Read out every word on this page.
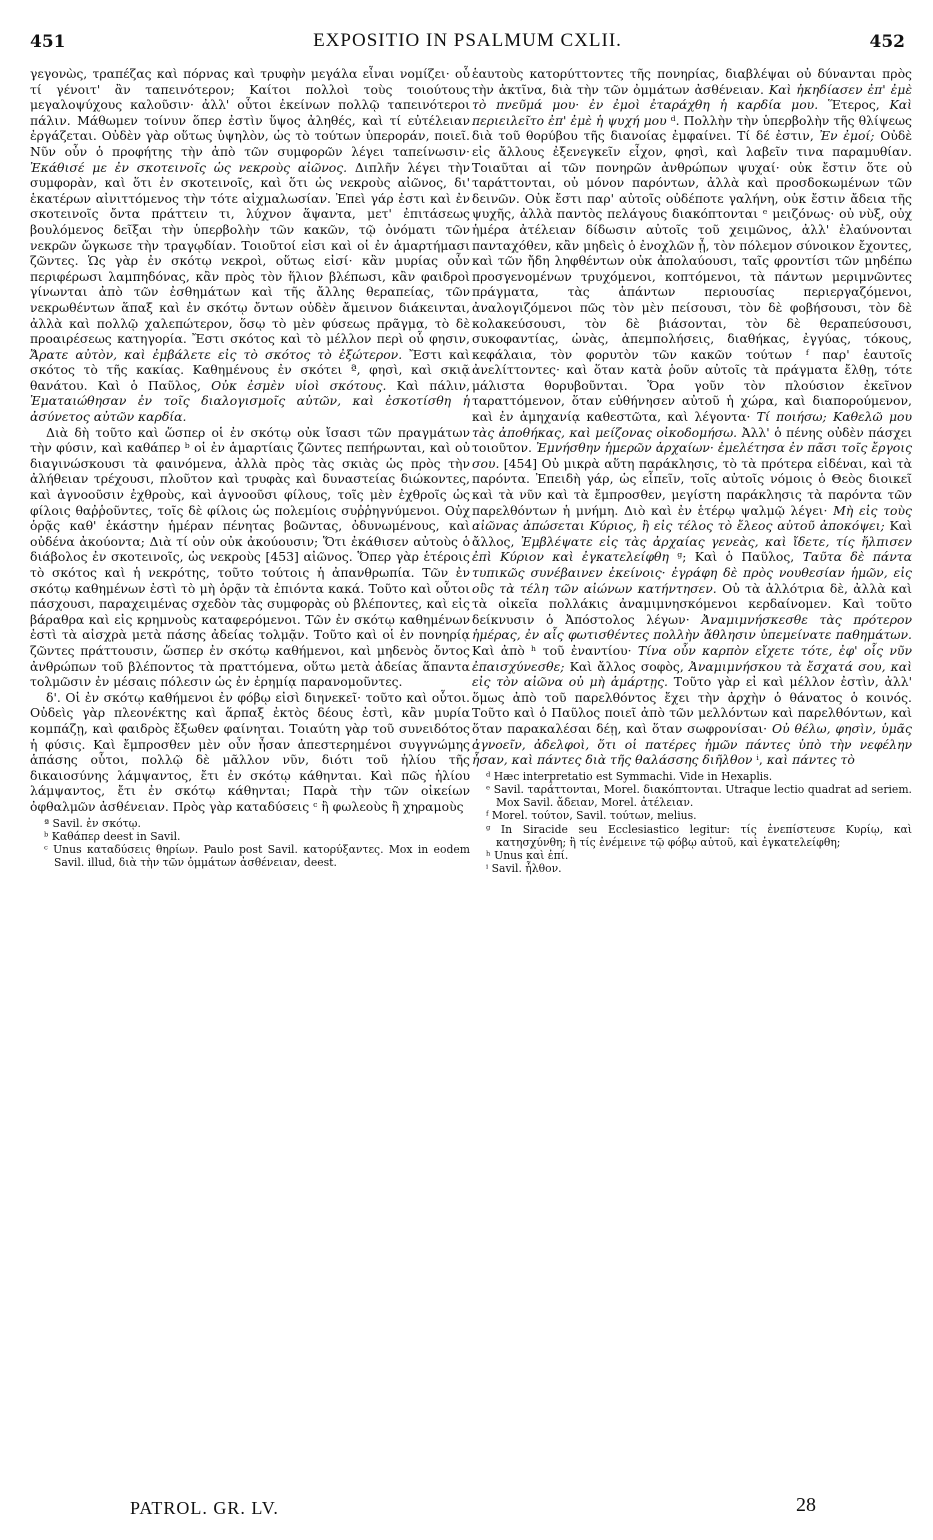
451	EXPOSITIO IN PSALMUM CXLII.	452

γεγονὼς, τραπέζας καὶ πόρνας καὶ τρυφὴν μεγάλα εἶναι νομίζει· οὗ τί γένοιτ' ἂν ταπεινότερον; Καίτοι πολλοὶ τοὺς τοιούτους μεγαλοψύχους καλοῦσιν· ἀλλ' οὗτοι ἐκείνων πολλῷ ταπεινότεροι πάλιν. Μάθωμεν τοίνυν ὅπερ ἐστὶν ὕψος ἀληθές, καὶ τί εὐτέλειαν ἐργάζεται. Οὐδὲν γὰρ οὕτως ὑψηλὸν, ὡς τὸ τούτων ὑπεροράν, ποιεῖ. Νῦν οὖν ὁ προφήτης τὴν ἀπὸ τῶν συμφορῶν λέγει ταπείνωσιν· Ἐκάθισέ με ἐν σκοτεινοῖς ὡς νεκροὺς αἰῶνος. Διπλῆν λέγει τὴν συμφορὰν, καὶ ὅτι ἐν σκοτεινοῖς, καὶ ὅτι ὡς νεκροὺς αἰῶνος, δι' ἑκατέρων αἰνιττόμενος τὴν τότε αἰχμαλωσίαν. Ἐπεὶ γάρ ἐστι καὶ ἐν σκοτεινοῖς ὄντα πράττειν τι, λύχνον ἅψαντα, μετ' ἐπιτάσεως βουλόμενος δεῖξαι τὴν ὑπερβολὴν τῶν κακῶν, τῷ ὀνόματι τῶν νεκρῶν ὤγκωσε τὴν τραγῳδίαν. Τοιοῦτοί εἰσι καὶ οἱ ἐν ἁμαρτήμασι ζῶντες. Ὡς γὰρ ἐν σκότῳ νεκροὶ, οὕτως εἰσί· κἂν μυρίας οὖν περιφέρωσι λαμπηδόνας, κἂν πρὸς τὸν ἥλιον βλέπωσι, κἂν φαιδροὶ γίνωνται ἀπὸ τῶν ἐσθημάτων καὶ τῆς ἄλλης θεραπείας, τῶν νεκρωθέντων ἅπαξ καὶ ἐν σκότῳ ὄντων οὐδὲν ἄμεινον διάκεινται, ἀλλὰ καὶ πολλῷ χαλεπώτερον, ὅσῳ τὸ μὲν φύσεως πρᾶγμα, τὸ δὲ προαιρέσεως κατηγορία. Ἔστι σκότος καὶ τὸ μέλλον περὶ οὗ φησιν, Ἄρατε αὐτὸν, καὶ ἐμβάλετε εἰς τὸ σκότος τὸ ἐξώτερον. Ἔστι καὶ σκότος τὸ τῆς κακίας. Καθημένους ἐν σκότει ª, φησὶ, καὶ σκιᾷ θανάτου. Καὶ ὁ Παῦλος, Οὐκ ἐσμὲν υἱοὶ σκότους. Καὶ πάλιν, Ἐματαιώθησαν ἐν τοῖς διαλογισμοῖς αὐτῶν, καὶ ἐσκοτίσθη ἡ ἀσύνετος αὐτῶν καρδία.

Διὰ δὴ τοῦτο καὶ ὥσπερ οἱ ἐν σκότῳ οὐκ ἴσασι τῶν πραγμάτων τὴν φύσιν, καὶ καθάπερ ᵇ οἱ ἐν ἁμαρτίαις ζῶντες πεπήρωνται, καὶ οὐ διαγινώσκουσι τὰ φαινόμενα, ἀλλὰ πρὸς τὰς σκιὰς ὡς πρὸς τὴν ἀλήθειαν τρέχουσι, πλοῦτον καὶ τρυφὰς καὶ δυναστείας διώκοντες, καὶ ἀγνοοῦσιν ἐχθροὺς, καὶ ἀγνοοῦσι φίλους, τοῖς μὲν ἐχθροῖς ὡς φίλοις θαῤῥοῦντες, τοῖς δὲ φίλοις ὡς πολεμίοις συῤῥηγνύμενοι. Οὐχ ὁρᾷς καθ' ἑκάστην ἡμέραν πένητας βοῶντας, ὀδυνωμένους, καὶ οὐδένα ἀκούοντα; Διὰ τί οὐν οὐκ ἀκούουσιν; Ὅτι ἐκάθισεν αὐτοὺς ὁ διάβολος ἐν σκοτεινοῖς, ὡς νεκροὺς [453] αἰῶνος. Ὅπερ γὰρ ἑτέροις τὸ σκότος καὶ ἡ νεκρότης, τοῦτο τούτοις ἡ ἀπανθρωπία. Τῶν ἐν σκότῳ καθημένων ἐστὶ τὸ μὴ ὁρᾷν τὰ ἐπιόντα κακά. Τοῦτο καὶ οὗτοι πάσχουσι, παραχειμένας σχεδὸν τὰς συμφορὰς οὐ βλέποντες, καὶ εἰς βάραθρα καὶ εἰς κρημνοὺς καταφερόμενοι. Τῶν ἐν σκότῳ καθημένων ἐστὶ τὰ αἰσχρὰ μετὰ πάσης ἀδείας τολμᾷν. Τοῦτο καὶ οἱ ἐν πονηρίᾳ ζῶντες πράττουσιν, ὥσπερ ἐν σκότῳ καθήμενοι, καὶ μηδενὸς ὄντος ἀνθρώπων τοῦ βλέποντος τὰ πραττόμενα, οὕτω μετὰ ἀδείας ἅπαντα τολμῶσιν ἐν μέσαις πόλεσιν ὡς ἐν ἐρημίᾳ παρανομοῦντες.

δ'. Οἱ ἐν σκότῳ καθήμενοι ἐν φόβῳ εἰσὶ διηνεκεῖ· τοῦτο καὶ οὗτοι. Οὐδεὶς γὰρ πλεονέκτης καὶ ἅρπαξ ἐκτὸς δέους ἐστὶ, κἂν μυρία κομπάζῃ, καὶ φαιδρὸς ἔξωθεν φαίνηται. Τοιαύτη γὰρ τοῦ συνειδότος ἡ φύσις. Καὶ ἔμπροσθεν μὲν οὖν ἦσαν ἀπεστερημένοι συγγνώμης ἁπάσης οὗτοι, πολλῷ δὲ μᾶλλον νῦν, διότι τοῦ ἡλίου τῆς δικαιοσύνης λάμψαντος, ἔτι ἐν σκότῳ κάθηνται. Καὶ πῶς ἡλίου λάμψαντος, ἔτι ἐν σκότῳ κάθηνται; Παρὰ τὴν τῶν οἰκείων ὀφθαλμῶν ἀσθένειαν. Πρὸς γὰρ καταδύσεις ᶜ ἢ φωλεοὺς ἢ χηραμοὺς

ª Savil. ἐν σκότῳ.

ᵇ Καθάπερ deest in Savil.

ᶜ Unus καταδύσεις θηρίων. Paulo post Savil. κατορύξαντες. Mox in eodem Savil. illud, διὰ τὴν τῶν ὀμμάτων ἀσθένειαν, deest.

ἑαυτοὺς κατορύττοντες τῆς πονηρίας, διαβλέψαι οὐ δύνανται πρὸς τὴν ἀκτῖνα, διὰ τὴν τῶν ὀμμάτων ἀσθένειαν. Καὶ ἠκηδίασεν ἐπ' ἐμὲ τὸ πνεῦμά μου· ἐν ἐμοὶ ἐταράχθη ἡ καρδία μου. Ἕτερος, Καὶ περιειλεῖτο ἐπ' ἐμὲ ἡ ψυχή μου ᵈ. Πολλὴν τὴν ὑπερβολὴν τῆς θλίψεως διὰ τοῦ θορύβου τῆς διανοίας ἐμφαίνει. Τί δέ ἐστιν, Ἐν ἐμοί; Οὐδὲ εἰς ἄλλους ἐξενεγκεῖν εἶχον, φησὶ, καὶ λαβεῖν τινα παραμυθίαν. Τοιαῦται αἱ τῶν πονηρῶν ἀνθρώπων ψυχαί· οὐκ ἔστιν ὅτε οὐ ταράττονται, οὐ μόνον παρόντων, ἀλλὰ καὶ προσδοκωμένων τῶν δεινῶν. Οὐκ ἔστι παρ' αὐτοῖς οὐδέποτε γαλήνη, οὐκ ἔστιν ἄδεια τῆς ψυχῆς, ἀλλὰ παντὸς πελάγους διακόπτονται ᵉ μειζόνως· οὐ νὺξ, οὐχ ἡμέρα ἀτέλειαν δίδωσιν αὐτοῖς τοῦ χειμῶνος, ἀλλ' ἐλαύνονται πανταχόθεν, κἂν μηδεὶς ὁ ἐνοχλῶν ᾖ, τὸν πόλεμον σύνοικον ἔχοντες, καὶ τῶν ἤδη ληφθέντων οὐκ ἀπολαύουσι, ταῖς φροντίσι τῶν μηδέπω προσγενομένων τρυχόμενοι, κοπτόμενοι, τὰ πάντων μεριμνῶντες πράγματα, τὰς ἁπάντων περιουσίας περιεργαζόμενοι, ἀναλογιζόμενοι πῶς τὸν μὲν πείσουσι, τὸν δὲ φοβήσουσι, τὸν δὲ κολακεύσουσι, τὸν δὲ βιάσονται, τὸν δὲ θεραπεύσουσι, συκοφαντίας, ὠνὰς, ἀπεμπολήσεις, διαθήκας, ἐγγύας, τόκους, κεφάλαια, τὸν φορυτὸν τῶν κακῶν τούτων ᶠ παρ' ἑαυτοῖς ἀνελίττοντες· καὶ ὅταν κατὰ ῥοῦν αὐτοῖς τὰ πράγματα ἔλθῃ, τότε μάλιστα θορυβοῦνται. Ὅρα γοῦν τὸν πλούσιον ἐκεῖνον ταραττόμενον, ὅταν εὐθήνησεν αὐτοῦ ἡ χώρα, καὶ διαπορούμενον, καὶ ἐν ἀμηχανίᾳ καθεστῶτα, καὶ λέγοντα· Τί ποιήσω; Καθελῶ μου τὰς ἀποθήκας, καὶ μείζονας οἰκοδομήσω. Ἀλλ' ὁ πένης οὐδὲν πάσχει τοιοῦτον. Ἐμνήσθην ἡμερῶν ἀρχαίων· ἐμελέτησα ἐν πᾶσι τοῖς ἔργοις σου. [454] Οὐ μικρὰ αὕτη παράκλησις, τὸ τὰ πρότερα εἰδέναι, καὶ τὰ παρόντα. Ἐπειδὴ γάρ, ὡς εἶπεῖν, τοῖς αὐτοῖς νόμοις ὁ Θεὸς διοικεῖ καὶ τὰ νῦν καὶ τὰ ἔμπροσθεν, μεγίστη παράκλησις τὰ παρόντα τῶν παρελθόντων ἡ μνήμη. Διὸ καὶ ἐν ἑτέρῳ ψαλμῷ λέγει· Μὴ εἰς τοὺς αἰῶνας ἀπώσεται Κύριος, ἢ εἰς τέλος τὸ ἔλεος αὐτοῦ ἀποκόψει; Καὶ ἄλλος, Ἐμβλέψατε εἰς τὰς ἀρχαίας γενεὰς, καὶ ἴδετε, τίς ἤλπισεν ἐπὶ Κύριον καὶ ἐγκατελείφθη ᵍ; Καὶ ὁ Παῦλος, Ταῦτα δὲ πάντα τυπικῶς συνέβαινεν ἐκείνοις· ἐγράφη δὲ πρὸς νουθεσίαν ἡμῶν, εἰς οὓς τὰ τέλη τῶν αἰώνων κατήντησεν. Οὐ τὰ ἀλλότρια δὲ, ἀλλὰ καὶ τὰ οἰκεῖα πολλάκις ἀναμιμνησκόμενοι κερδαίνομεν. Καὶ τοῦτο δείκνυσιν ὁ Ἀπόστολος λέγων· Ἀναμιμνήσκεσθε τὰς πρότερον ἡμέρας, ἐν αἷς φωτισθέντες πολλὴν ἄθλησιν ὑπεμείνατε παθημάτων. Καὶ ἀπὸ ʰ τοῦ ἐναντίου· Τίνα οὖν καρπὸν εἴχετε τότε, ἐφ' οἷς νῦν ἐπαισχύνεσθε; Καὶ ἄλλος σοφὸς, Ἀναμιμνήσκου τὰ ἔσχατά σου, καὶ εἰς τὸν αἰῶνα οὐ μὴ ἁμάρτῃς. Τοῦτο γὰρ εἰ καὶ μέλλον ἐστὶν, ἀλλ' ὅμως ἀπὸ τοῦ παρελθόντος ἔχει τὴν ἀρχὴν ὁ θάνατος ὁ κοινός. Τοῦτο καὶ ὁ Παῦλος ποιεῖ ἀπὸ τῶν μελλόντων καὶ παρελθόντων, καὶ ὅταν παρακαλέσαι δέῃ, καὶ ὅταν σωφρονίσαι· Οὐ θέλω, φησὶν, ὑμᾶς ἀγνοεῖν, ἀδελφοὶ, ὅτι οἱ πατέρες ἡμῶν πάντες ὑπὸ τὴν νεφέλην ἦσαν, καὶ πάντες διὰ τῆς θαλάσσης διῆλθον ⁱ, καὶ πάντες τὸ

ᵈ Hæc interpretatio est Symmachi. Vide in Hexaplis.

ᵉ Savil. ταράττονται, Morel. διακόπτονται. Utraque lectio quadrat ad seriem. Mox Savil. ἄδειαν, Morel. ἀτέλειαν.

ᶠ Morel. τούτον, Savil. τούτων, melius.

ᵍ In Siracide seu Ecclesiastico legitur: τίς ἐνεπίστευσε Κυρίῳ, καὶ κατησχύνθη; ἢ τίς ἐνέμεινε τῷ φόβῳ αὐτοῦ, καὶ ἐγκατελείφθη;

ʰ Unus καὶ ἐπί.

ⁱ Savil. ἦλθον.

PATROL. GR. LV.	28
